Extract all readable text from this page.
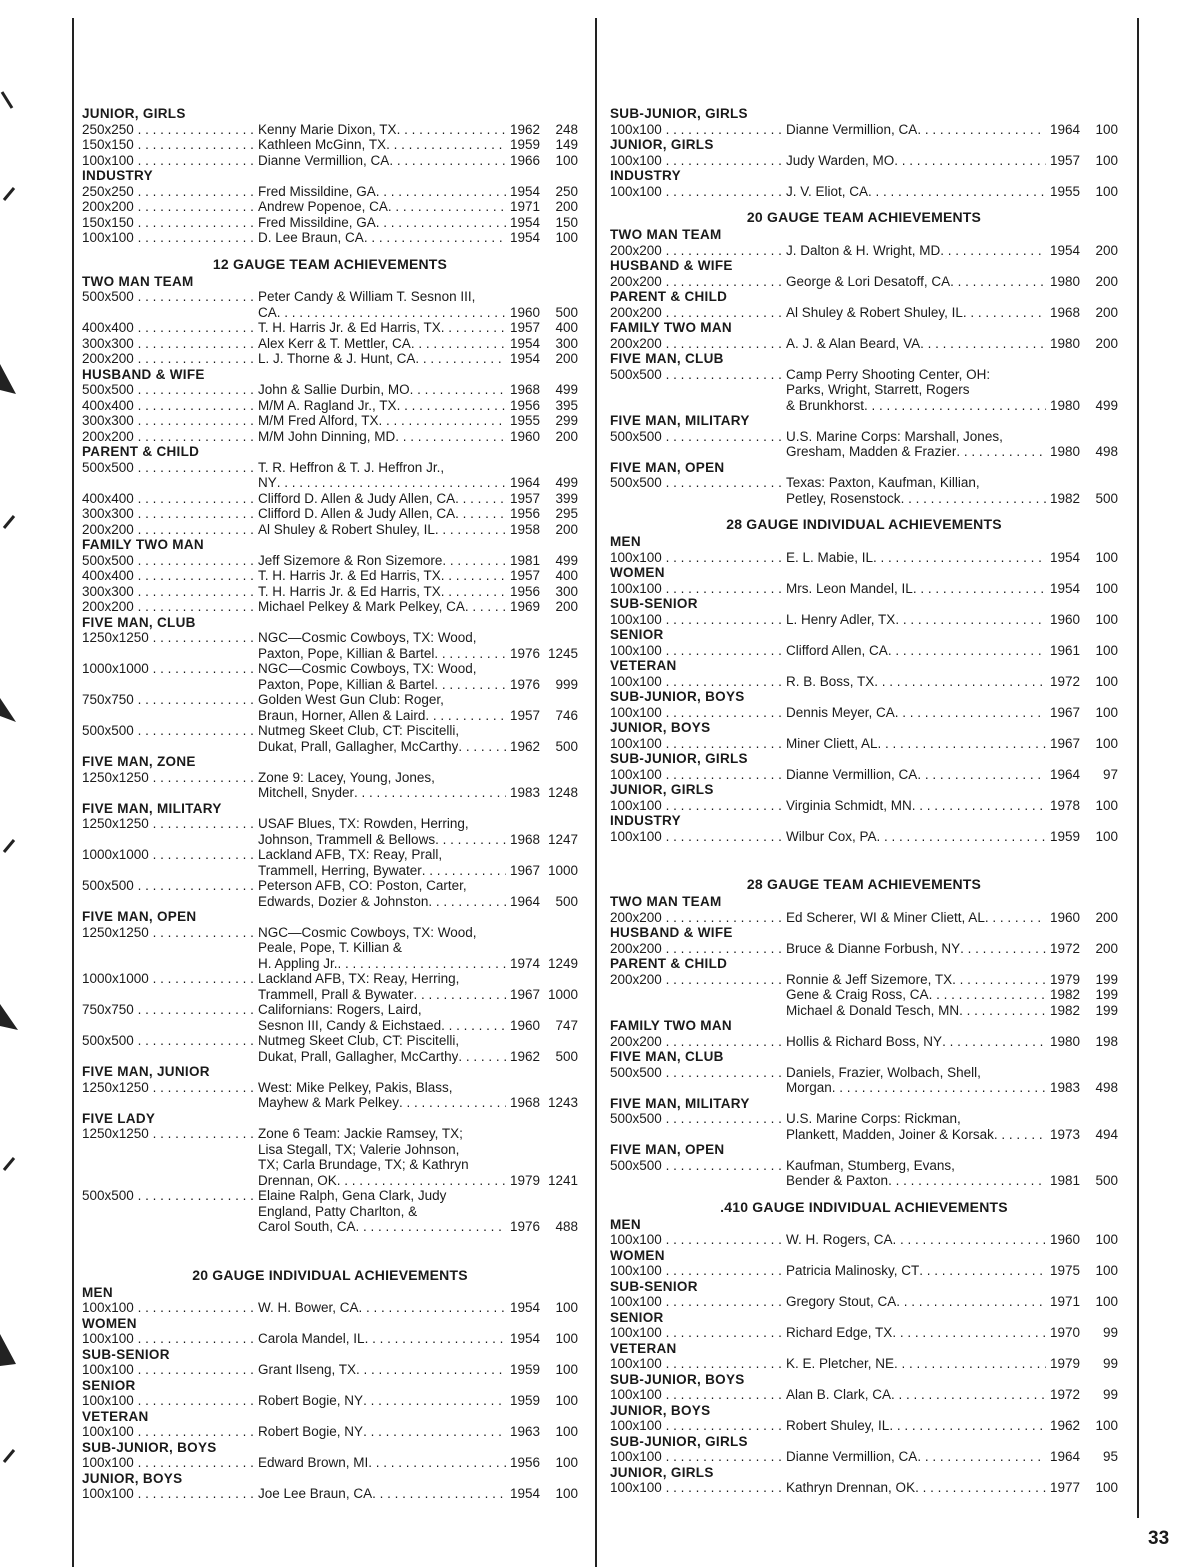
JUNIOR, GIRLS
250x250 . . .	Kenny Marie Dixon, TX . . .	1962	248
150x150 . . .	Kathleen McGinn, TX . . .	1959	149
100x100 . . .	Dianne Vermillion, CA . . .	1966	100
INDUSTRY
250x250 . . .	Fred Missildine, GA . . .	1954	250
200x200 . . .	Andrew Popenoe, CA . . .	1971	200
150x150 . . .	Fred Missildine, GA . . .	1954	150
100x100 . . .	D. Lee Braun, CA . . .	1954	100
12 GAUGE TEAM ACHIEVEMENTS
TWO MAN TEAM
500x500 . . .	Peter Candy & William T. Sesnon III,
CA . . .	1960	500
400x400 . . .	T. H. Harris Jr. & Ed Harris, TX . . .	1957	400
300x300 . . .	Alex Kerr & T. Mettler, CA . . .	1954	300
200x200 . . .	L. J. Thorne & J. Hunt, CA . . .	1954	200
HUSBAND & WIFE
500x500 . . .	John & Sallie Durbin, MO . . .	1968	499
400x400 . . .	M/M A. Ragland Jr., TX . . .	1956	395
300x300 . . .	M/M Fred Alford, TX . . .	1955	299
200x200 . . .	M/M John Dinning, MD . . .	1960	200
PARENT & CHILD
500x500 . . .	T. R. Heffron & T. J. Heffron Jr.,
NY . . .	1964	499
400x400 . . .	Clifford D. Allen & Judy Allen, CA . . .	1957	399
300x300 . . .	Clifford D. Allen & Judy Allen, CA . . .	1956	295
200x200 . . .	Al Shuley & Robert Shuley, IL . . .	1958	200
FAMILY TWO MAN
500x500 . . .	Jeff Sizemore & Ron Sizemore . . .	1981	499
400x400 . . .	T. H. Harris Jr. & Ed Harris, TX . . .	1957	400
300x300 . . .	T. H. Harris Jr. & Ed Harris, TX . . .	1956	300
200x200 . . .	Michael Pelkey & Mark Pelkey, CA . . .	1969	200
FIVE MAN, CLUB
1250x1250 . . .	NGC—Cosmic Cowboys, TX: Wood,
Paxton, Pope, Killian & Bartel . . .	1976 1245
1000x1000 . . .	NGC—Cosmic Cowboys, TX: Wood,
Paxton, Pope, Killian & Bartel . . .	1976	999
750x750 . . .	Golden West Gun Club: Roger,
Braun, Horner, Allen & Laird . . .	1957	746
500x500 . . .	Nutmeg Skeet Club, CT: Piscitelli,
Dukat, Prall, Gallagher, McCarthy . . .	1962	500
FIVE MAN, ZONE
1250x1250 . . .	Zone 9: Lacey, Young, Jones,
Mitchell, Snyder . . .	1983 1248
FIVE MAN, MILITARY
1250x1250 . . .	USAF Blues, TX: Rowden, Herring,
Johnson, Trammell & Bellows . . .	1968 1247
1000x1000 . . .	Lackland AFB, TX: Reay, Prall,
Trammell, Herring, Bywater . . .	1967 1000
500x500 . . .	Peterson AFB, CO: Poston, Carter,
Edwards, Dozier & Johnston . . .	1964	500
FIVE MAN, OPEN
1250x1250 . . .	NGC—Cosmic Cowboys, TX: Wood,
Peale, Pope, T. Killian &
H. Appling Jr. . . .	1974 1249
1000x1000 . . .	Lackland AFB, TX: Reay, Herring,
Trammell, Prall & Bywater . . .	1967 1000
750x750 . . .	Californians: Rogers, Laird,
Sesnon III, Candy & Eichstaed . . .	1960	747
500x500 . . .	Nutmeg Skeet Club, CT: Piscitelli,
Dukat, Prall, Gallagher, McCarthy . . .	1962	500
FIVE MAN, JUNIOR
1250x1250 . . .	West: Mike Pelkey, Pakis, Blass,
Mayhew & Mark Pelkey . . .	1968 1243
FIVE LADY
1250x1250 . . .	Zone 6 Team: Jackie Ramsey, TX;
Lisa Stegall, TX; Valerie Johnson,
TX; Carla Brundage, TX; & Kathryn
Drennan, OK . . .	1979 1241
500x500 . . .	Elaine Ralph, Gena Clark, Judy
England, Patty Charlton, &
Carol South, CA . . .	1976	488
20 GAUGE INDIVIDUAL ACHIEVEMENTS
MEN
100x100 . . .	W. H. Bower, CA . . .	1954	100
WOMEN
100x100 . . .	Carola Mandel, IL . . .	1954	100
SUB-SENIOR
100x100 . . .	Grant Ilseng, TX . . .	1959	100
SENIOR
100x100 . . .	Robert Bogie, NY . . .	1959	100
VETERAN
100x100 . . .	Robert Bogie, NY . . .	1963	100
SUB-JUNIOR, BOYS
100x100 . . .	Edward Brown, MI . . .	1956	100
JUNIOR, BOYS
100x100 . . .	Joe Lee Braun, CA . . .	1954	100
SUB-JUNIOR, GIRLS
100x100 . . .	Dianne Vermillion, CA . . .	1964	100
JUNIOR, GIRLS
100x100 . . .	Judy Warden, MO . . .	1957	100
INDUSTRY
100x100 . . .	J. V. Eliot, CA . . .	1955	100
20 GAUGE TEAM ACHIEVEMENTS
TWO MAN TEAM
200x200 . . .	J. Dalton & H. Wright, MD . . .	1954	200
HUSBAND & WIFE
200x200 . . .	George & Lori Desatoff, CA . . .	1980	200
PARENT & CHILD
200x200 . . .	Al Shuley & Robert Shuley, IL . . .	1968	200
FAMILY TWO MAN
200x200 . . .	A. J. & Alan Beard, VA . . .	1980	200
FIVE MAN, CLUB
500x500 . . .	Camp Perry Shooting Center, OH:
Parks, Wright, Starrett, Rogers
& Brunkhorst . . .	1980	499
FIVE MAN, MILITARY
500x500 . . .	U.S. Marine Corps: Marshall, Jones,
Gresham, Madden & Frazier . . .	1980	498
FIVE MAN, OPEN
500x500 . . .	Texas: Paxton, Kaufman, Killian,
Petley, Rosenstock . . .	1982	500
28 GAUGE INDIVIDUAL ACHIEVEMENTS
MEN
100x100 . . .	E. L. Mabie, IL . . .	1954	100
WOMEN
100x100 . . .	Mrs. Leon Mandel, IL . . .	1954	100
SUB-SENIOR
100x100 . . .	L. Henry Adler, TX . . .	1960	100
SENIOR
100x100 . . .	Clifford Allen, CA . . .	1961	100
VETERAN
100x100 . . .	R. B. Boss, TX . . .	1972	100
SUB-JUNIOR, BOYS
100x100 . . .	Dennis Meyer, CA . . .	1967	100
JUNIOR, BOYS
100x100 . . .	Miner Cliett, AL . . .	1967	100
SUB-JUNIOR, GIRLS
100x100 . . .	Dianne Vermillion, CA . . .	1964	97
JUNIOR, GIRLS
100x100 . . .	Virginia Schmidt, MN . . .	1978	100
INDUSTRY
100x100 . . .	Wilbur Cox, PA . . .	1959	100
28 GAUGE TEAM ACHIEVEMENTS
TWO MAN TEAM
200x200 . . .	Ed Scherer, WI & Miner Cliett, AL . . .	1960	200
HUSBAND & WIFE
200x200 . . .	Bruce & Dianne Forbush, NY . . .	1972	200
PARENT & CHILD
200x200 . . .	Ronnie & Jeff Sizemore, TX . . .	1979	199
Gene & Craig Ross, CA . . .	1982	199
Michael & Donald Tesch, MN . . .	1982	199
FAMILY TWO MAN
200x200 . . .	Hollis & Richard Boss, NY . . .	1980	198
FIVE MAN, CLUB
500x500 . . .	Daniels, Frazier, Wolbach, Shell,
Morgan . . .	1983	498
FIVE MAN, MILITARY
500x500 . . .	U.S. Marine Corps: Rickman,
Plankett, Madden, Joiner & Korsak . . .	1973	494
FIVE MAN, OPEN
500x500 . . .	Kaufman, Stumberg, Evans,
Bender & Paxton . . .	1981	500
.410 GAUGE INDIVIDUAL ACHIEVEMENTS
MEN
100x100 . . .	W. H. Rogers, CA . . .	1960	100
WOMEN
100x100 . . .	Patricia Malinosky, CT . . .	1975	100
SUB-SENIOR
100x100 . . .	Gregory Stout, CA . . .	1971	100
SENIOR
100x100 . . .	Richard Edge, TX . . .	1970	99
VETERAN
100x100 . . .	K. E. Pletcher, NE . . .	1979	99
SUB-JUNIOR, BOYS
100x100 . . .	Alan B. Clark, CA . . .	1972	99
JUNIOR, BOYS
100x100 . . .	Robert Shuley, IL . . .	1962	100
SUB-JUNIOR, GIRLS
100x100 . . .	Dianne Vermillion, CA . . .	1964	95
JUNIOR, GIRLS
100x100 . . .	Kathryn Drennan, OK . . .	1977	100
33
